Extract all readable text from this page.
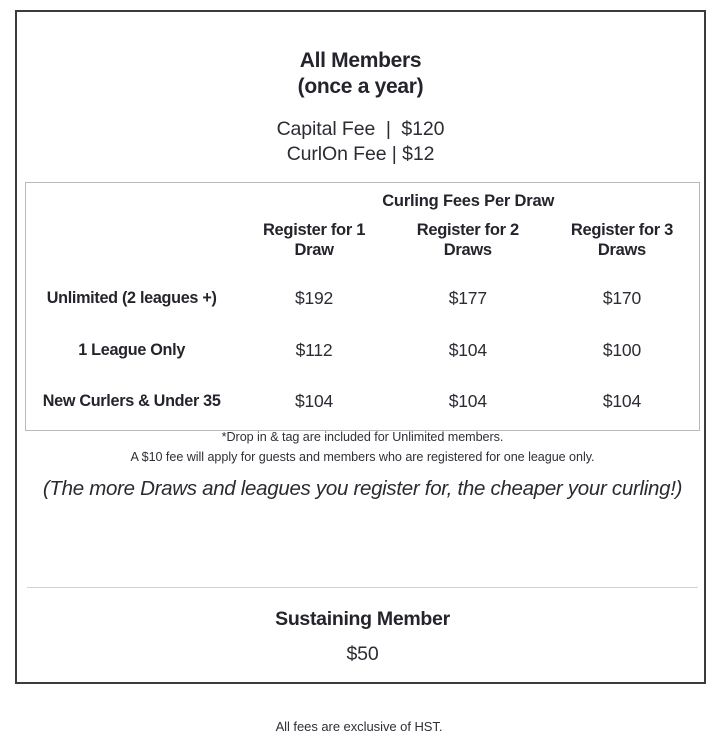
All Members
(once a year)
Capital Fee  |  $120
CurlOn Fee | $12
	Curling Fees Per Draw		
	Register for 1 Draw	Register for 2 Draws	Register for 3 Draws
Unlimited (2 leagues +)	$192	$177	$170
1 League Only	$112	$104	$100
New Curlers & Under 35	$104	$104	$104
*Drop in & tag are included for Unlimited members.
A $10 fee will apply for guests and members who are registered for one league only.
(The more Draws and leagues you register for, the cheaper your curling!)
Sustaining Member
$50
All fees are exclusive of HST.
